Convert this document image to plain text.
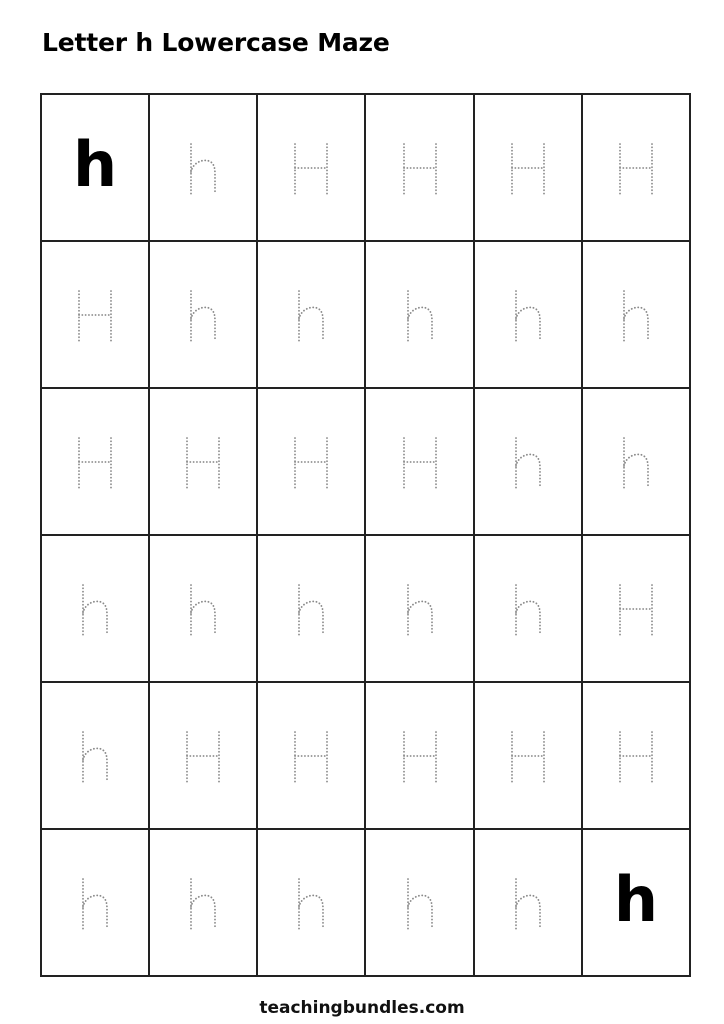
Letter h Lowercase Maze
h
h
teachingbundles.com
